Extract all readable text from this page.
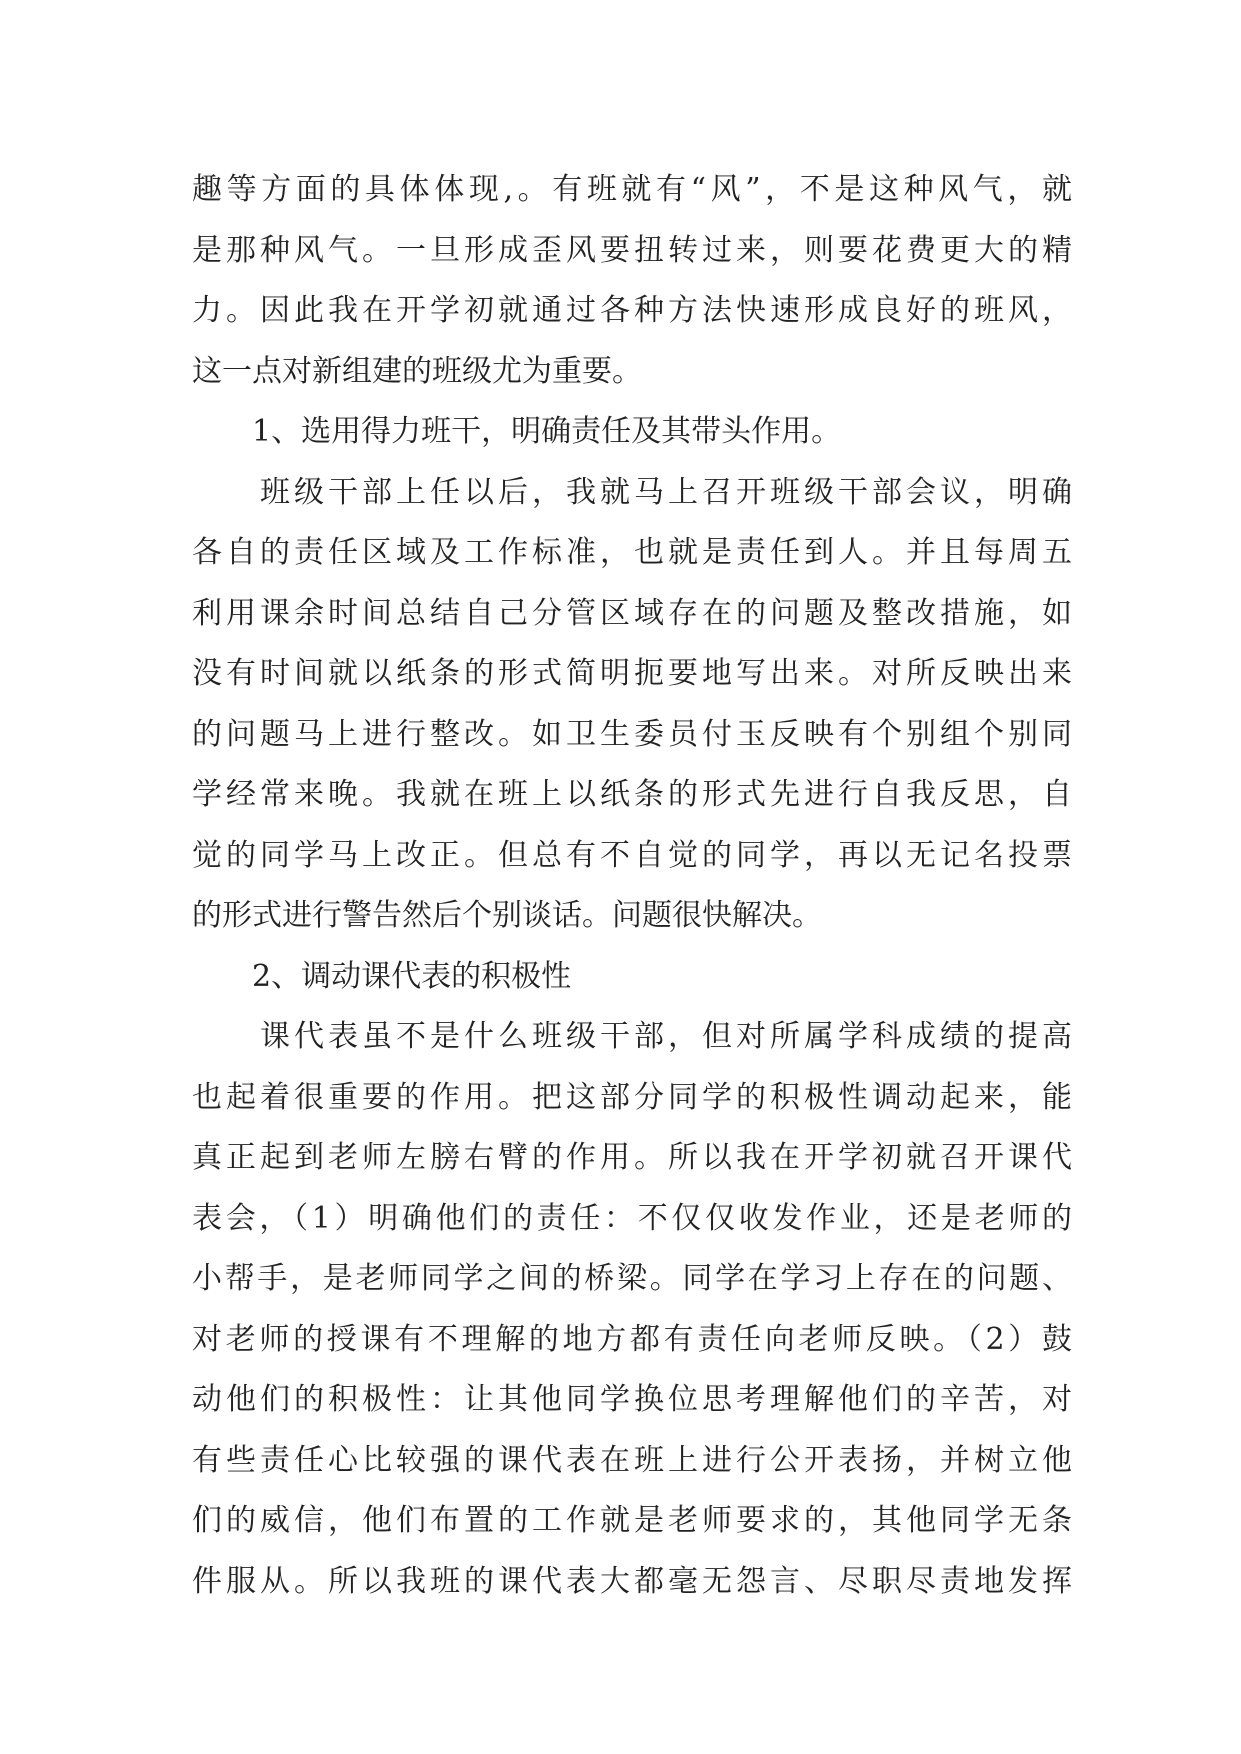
趣等方面的具体体现,。有班就有“风”，不是这种风气，就
是那种风气。一旦形成歪风要扭转过来，则要花费更大的精
力。因此我在开学初就通过各种方法快速形成良好的班风，
这一点对新组建的班级尤为重要。
　　1、选用得力班干，明确责任及其带头作用。
　　班级干部上任以后，我就马上召开班级干部会议，明确
各自的责任区域及工作标准，也就是责任到人。并且每周五
利用课余时间总结自己分管区域存在的问题及整改措施，如
没有时间就以纸条的形式简明扼要地写出来。对所反映出来
的问题马上进行整改。如卫生委员付玉反映有个别组个别同
学经常来晚。我就在班上以纸条的形式先进行自我反思，自
觉的同学马上改正。但总有不自觉的同学，再以无记名投票
的形式进行警告然后个别谈话。问题很快解决。
　　2、调动课代表的积极性
　　课代表虽不是什么班级干部，但对所属学科成绩的提高
也起着很重要的作用。把这部分同学的积极性调动起来，能
真正起到老师左膀右臂的作用。所以我在开学初就召开课代
表会，（1）明确他们的责任：不仅仅收发作业，还是老师的
小帮手，是老师同学之间的桥梁。同学在学习上存在的问题、
对老师的授课有不理解的地方都有责任向老师反映。（2）鼓
动他们的积极性：让其他同学换位思考理解他们的辛苦，对
有些责任心比较强的课代表在班上进行公开表扬，并树立他
们的威信，他们布置的工作就是老师要求的，其他同学无条
件服从。所以我班的课代表大都毫无怨言、尽职尽责地发挥
